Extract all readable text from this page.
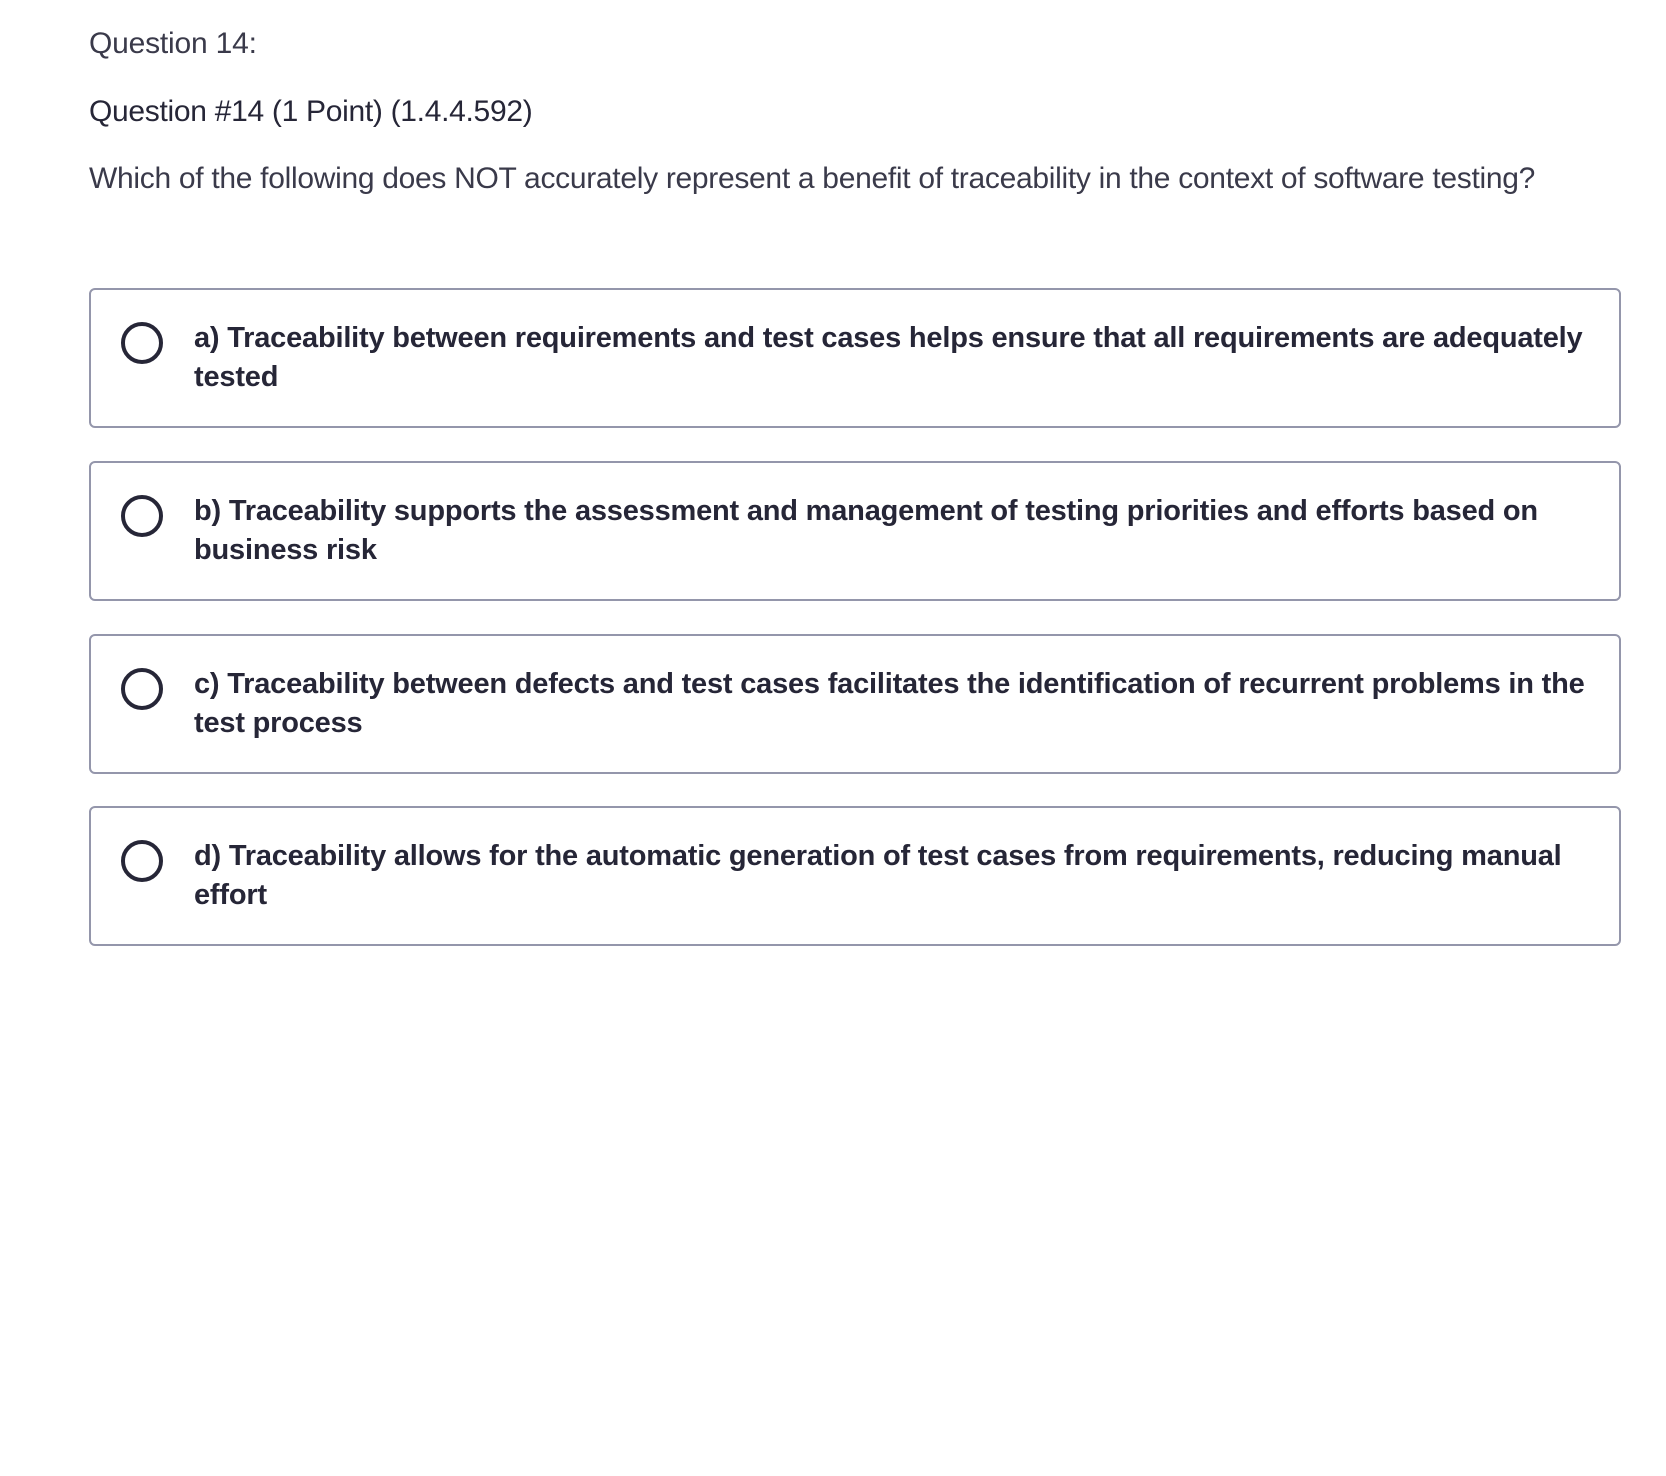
Question 14:
Question #14 (1 Point) (1.4.4.592)
Which of the following does NOT accurately represent a benefit of traceability in the context of software testing?
a) Traceability between requirements and test cases helps ensure that all requirements are adequately tested
b) Traceability supports the assessment and management of testing priorities and efforts based on business risk
c) Traceability between defects and test cases facilitates the identification of recurrent problems in the test process
d) Traceability allows for the automatic generation of test cases from requirements, reducing manual effort
